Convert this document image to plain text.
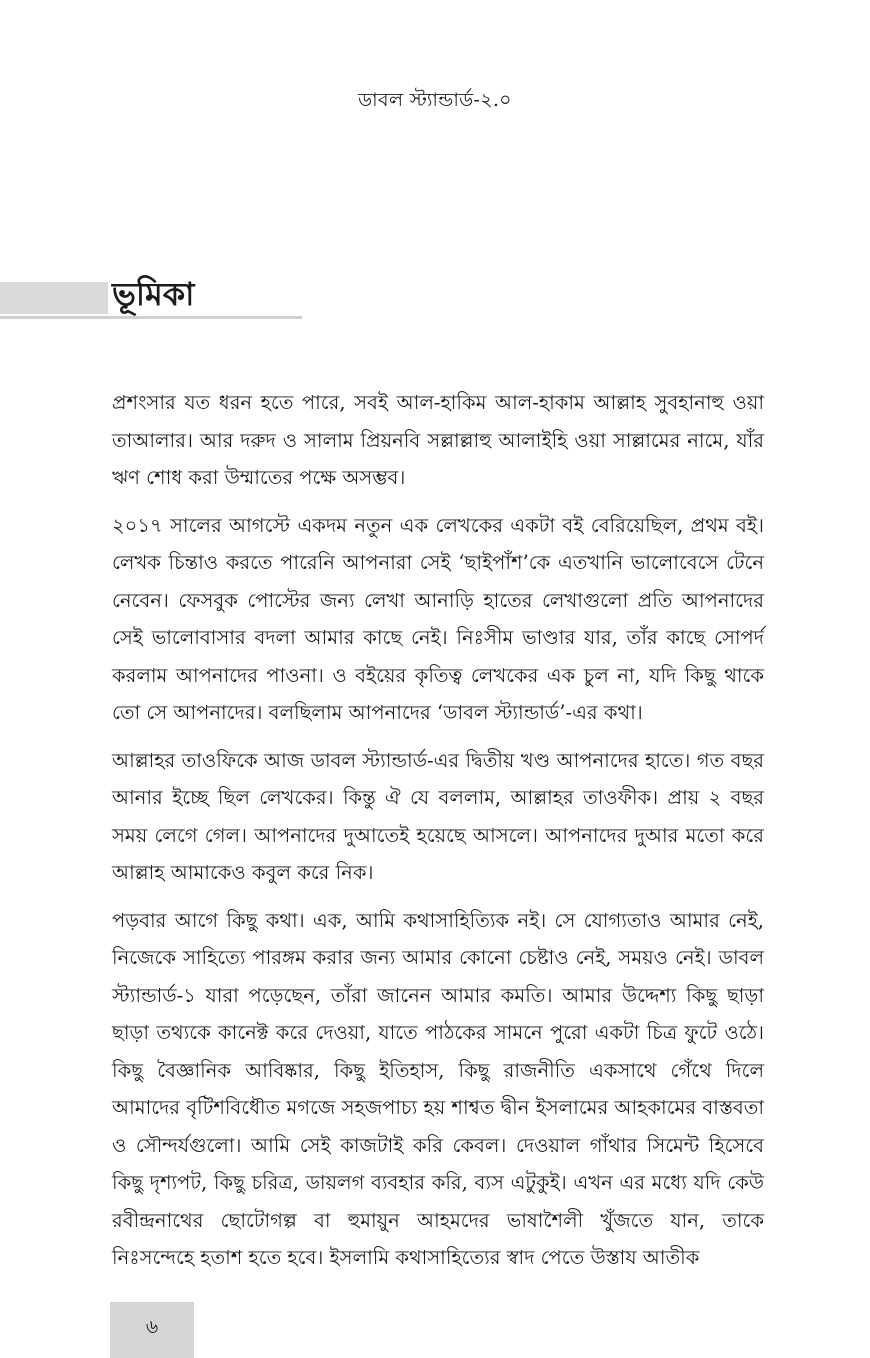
ডাবল স্ট্যান্ডার্ড-২.০
ভূমিকা

প্রশংসার যত ধরন হতে পারে, সবই আল-হাকিম আল-হাকাম আল্লাহ সুবহানাহু ওয়া তাআলার। আর দরুদ ও সালাম প্রিয়নবি সল্লাল্লাহু আলাইহি ওয়া সাল্লামের নামে, যাঁর ঋণ শোধ করা উম্মাতের পক্ষে অসম্ভব।

২০১৭ সালের আগস্টে একদম নতুন এক লেখকের একটা বই বেরিয়েছিল, প্রথম বই। লেখক চিন্তাও করতে পারেনি আপনারা সেই ‘ছাইপাঁশ’কে এতখানি ভালোবেসে টেনে নেবেন। ফেসবুক পোস্টের জন্য লেখা আনাড়ি হাতের লেখাগুলো প্রতি আপনাদের সেই ভালোবাসার বদলা আমার কাছে নেই। নিঃসীম ভাণ্ডার যার, তাঁর কাছে সোপর্দ করলাম আপনাদের পাওনা। ও বইয়ের কৃতিত্ব লেখকের এক চুল না, যদি কিছু থাকে তো সে আপনাদের। বলছিলাম আপনাদের ‘ডাবল স্ট্যান্ডার্ড’-এর কথা।

আল্লাহর তাওফিকে আজ ডাবল স্ট্যান্ডার্ড-এর দ্বিতীয় খণ্ড আপনাদের হাতে। গত বছর আনার ইচ্ছে ছিল লেখকের। কিন্তু ঐ যে বললাম, আল্লাহর তাওফীক। প্রায় ২ বছর সময় লেগে গেল। আপনাদের দুআতেই হয়েছে আসলে। আপনাদের দুআর মতো করে আল্লাহ আমাকেও কবুল করে নিক।

পড়বার আগে কিছু কথা। এক, আমি কথাসাহিত্যিক নই। সে যোগ্যতাও আমার নেই, নিজেকে সাহিত্যে পারঙ্গম করার জন্য আমার কোনো চেষ্টাও নেই, সময়ও নেই। ডাবল স্ট্যান্ডার্ড-১ যারা পড়েছেন, তাঁরা জানেন আমার কমতি। আমার উদ্দেশ্য কিছু ছাড়া ছাড়া তথ্যকে কানেক্ট করে দেওয়া, যাতে পাঠকের সামনে পুরো একটা চিত্র ফুটে ওঠে। কিছু বৈজ্ঞানিক আবিষ্কার, কিছু ইতিহাস, কিছু রাজনীতি একসাথে গেঁথে দিলে আমাদের বৃটিশবিধৌত মগজে সহজপাচ্য হয় শাশ্বত দ্বীন ইসলামের আহকামের বাস্তবতা ও সৌন্দর্যগুলো। আমি সেই কাজটাই করি কেবল। দেওয়াল গাঁথার সিমেন্ট হিসেবে কিছু দৃশ্যপট, কিছু চরিত্র, ডায়লগ ব্যবহার করি, ব্যস এটুকুই। এখন এর মধ্যে যদি কেউ রবীন্দ্রনাথের ছোটোগল্প বা হুমায়ুন আহমদের ভাষাশৈলী খুঁজতে যান, তাকে নিঃসন্দেহে হতাশ হতে হবে। ইসলামি কথাসাহিত্যের স্বাদ পেতে উস্তায আতীক

৬
